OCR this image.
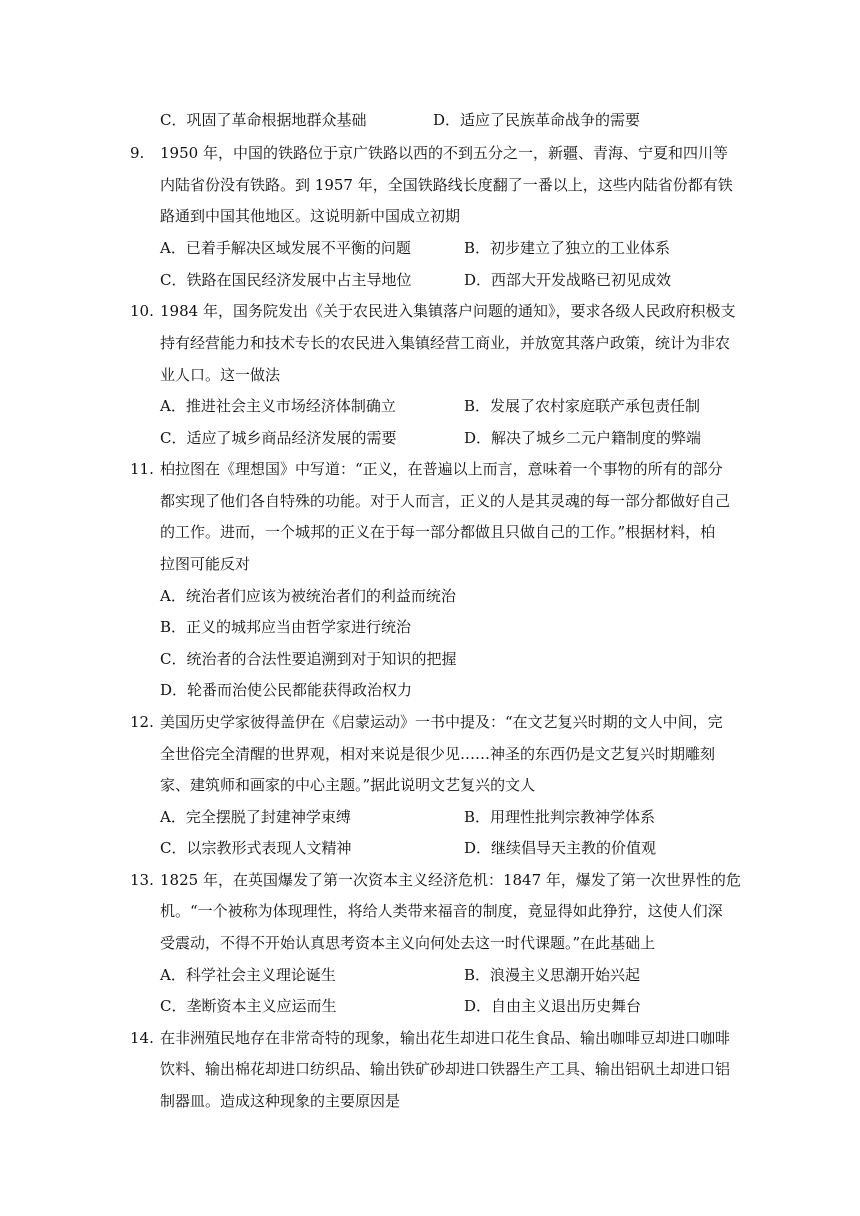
C．巩固了革命根据地群众基础	D．适应了民族革命战争的需要
9. 1950 年，中国的铁路位于京广铁路以西的不到五分之一，新疆、青海、宁夏和四川等
内陆省份没有铁路。到 1957 年，全国铁路线长度翻了一番以上，这些内陆省份都有铁
路通到中国其他地区。这说明新中国成立初期
A．已着手解决区域发展不平衡的问题	B．初步建立了独立的工业体系
C．铁路在国民经济发展中占主导地位	D．西部大开发战略已初见成效
10. 1984 年，国务院发出《关于农民进入集镇落户问题的通知》，要求各级人民政府积极支
持有经营能力和技术专长的农民进入集镇经营工商业，并放宽其落户政策，统计为非农
业人口。这一做法
A．推进社会主义市场经济体制确立	B．发展了农村家庭联产承包责任制
C．适应了城乡商品经济发展的需要	D．解决了城乡二元户籍制度的弊端
11. 柏拉图在《理想国》中写道：“正义，在普遍以上而言，意味着一个事物的所有的部分
都实现了他们各自特殊的功能。对于人而言，正义的人是其灵魂的每一部分都做好自己
的工作。进而，一个城邦的正义在于每一部分都做且只做自己的工作。”根据材料，柏
拉图可能反对
A．统治者们应该为被统治者们的利益而统治
B．正义的城邦应当由哲学家进行统治
C．统治者的合法性要追溯到对于知识的把握
D．轮番而治使公民都能获得政治权力
12. 美国历史学家彼得盖伊在《启蒙运动》一书中提及：“在文艺复兴时期的文人中间，完
全世俗完全清醒的世界观，相对来说是很少见……神圣的东西仍是文艺复兴时期雕刻
家、建筑师和画家的中心主题。”据此说明文艺复兴的文人
A．完全摆脱了封建神学束缚	B．用理性批判宗教神学体系
C．以宗教形式表现人文精神	D．继续倡导天主教的价值观
13. 1825 年，在英国爆发了第一次资本主义经济危机：1847 年，爆发了第一次世界性的危
机。“一个被称为体现理性，将给人类带来福音的制度，竟显得如此狰狞，这使人们深
受震动，不得不开始认真思考资本主义向何处去这一时代课题。”在此基础上
A．科学社会主义理论诞生	B．浪漫主义思潮开始兴起
C．垄断资本主义应运而生	D．自由主义退出历史舞台
14. 在非洲殖民地存在非常奇特的现象，输出花生却进口花生食品、输出咖啡豆却进口咖啡
饮料、输出棉花却进口纺织品、输出铁矿砂却进口铁器生产工具、输出铝矾土却进口铝
制器皿。造成这种现象的主要原因是
